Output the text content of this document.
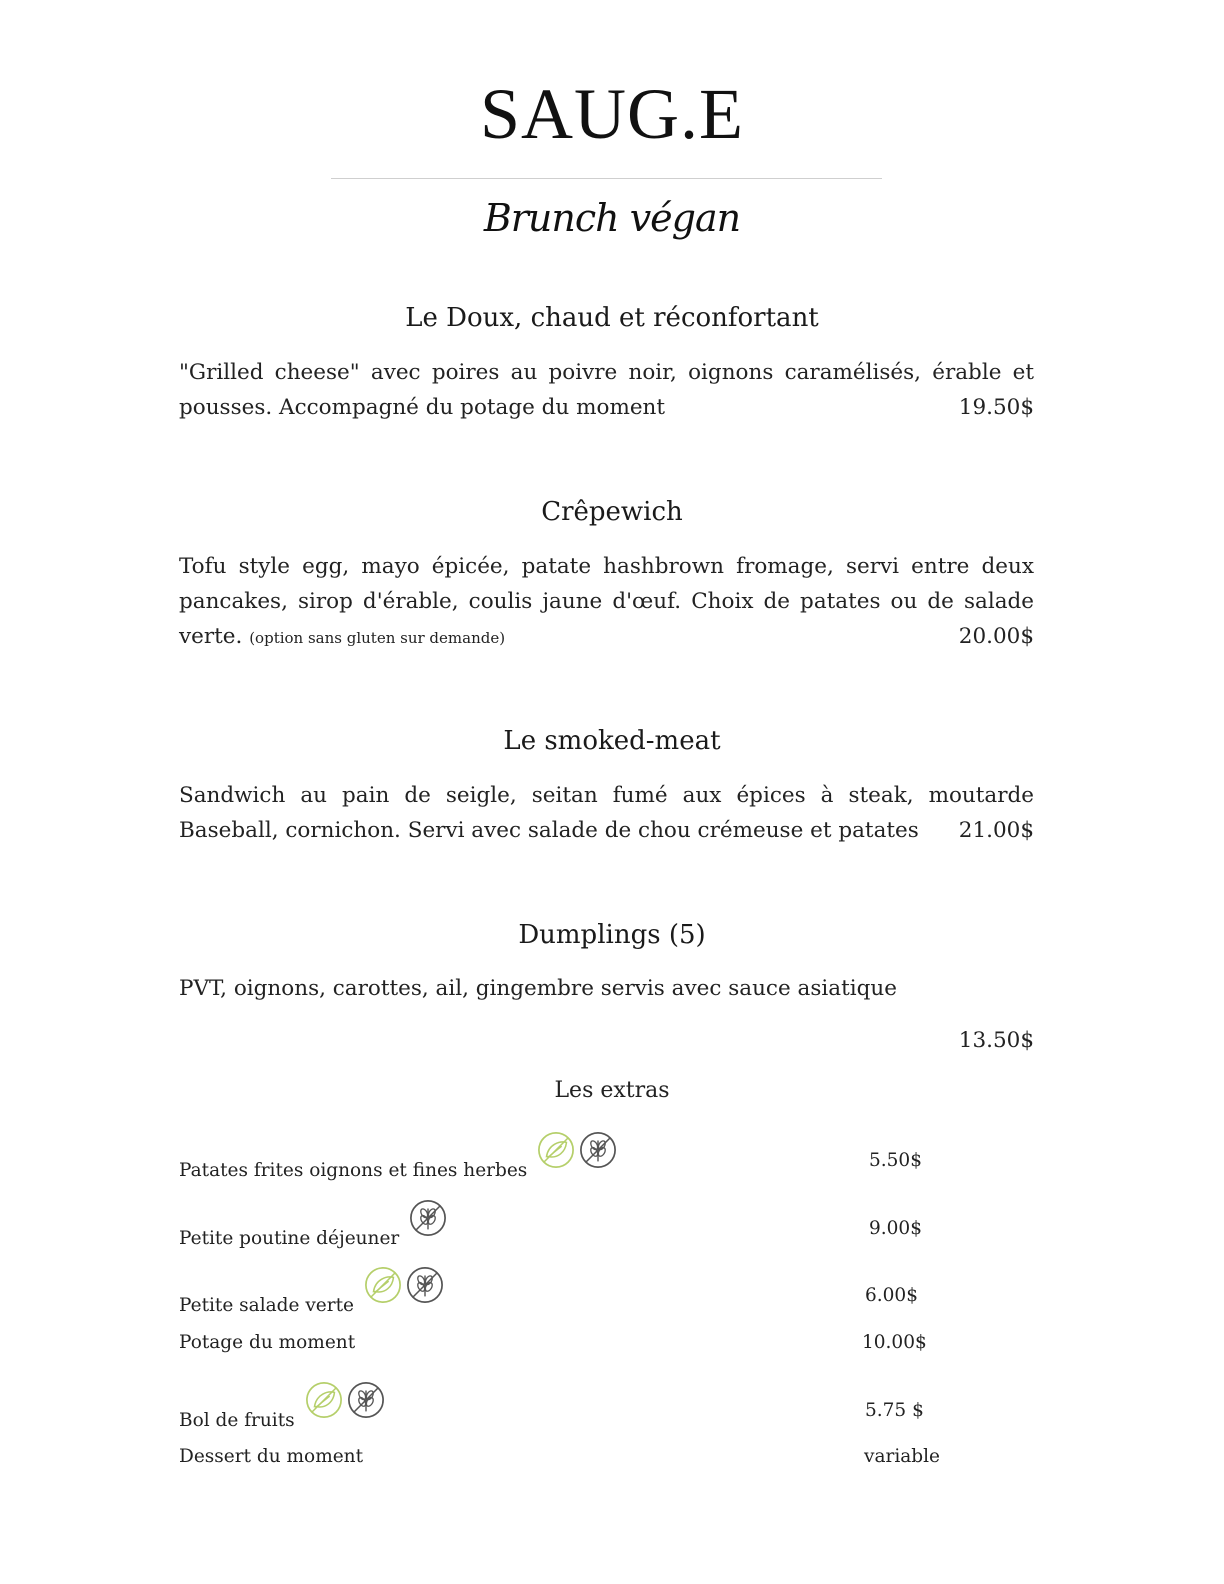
SAUG.E
Brunch végan
Le Doux, chaud et réconfortant
"Grilled cheese" avec poires au poivre noir, oignons caramélisés, érable et
pousses. Accompagné du potage du moment	19.50$
Crêpewich
Tofu style egg, mayo épicée, patate hashbrown fromage, servi entre deux
pancakes, sirop d'érable, coulis jaune d'œuf. Choix de patates ou de salade
verte. (option sans gluten sur demande)	20.00$
Le smoked-meat
Sandwich au pain de seigle, seitan fumé aux épices à steak, moutarde
Baseball, cornichon. Servi avec salade de chou crémeuse et patates	21.00$
Dumplings (5)
PVT, oignons, carottes, ail, gingembre servis avec sauce asiatique
13.50$
Les extras
Patates frites oignons et fines herbes	5.50$
Petite poutine déjeuner	9.00$
Petite salade verte	6.00$
Potage du moment	10.00$
Bol de fruits	5.75 $
Dessert du moment	variable
